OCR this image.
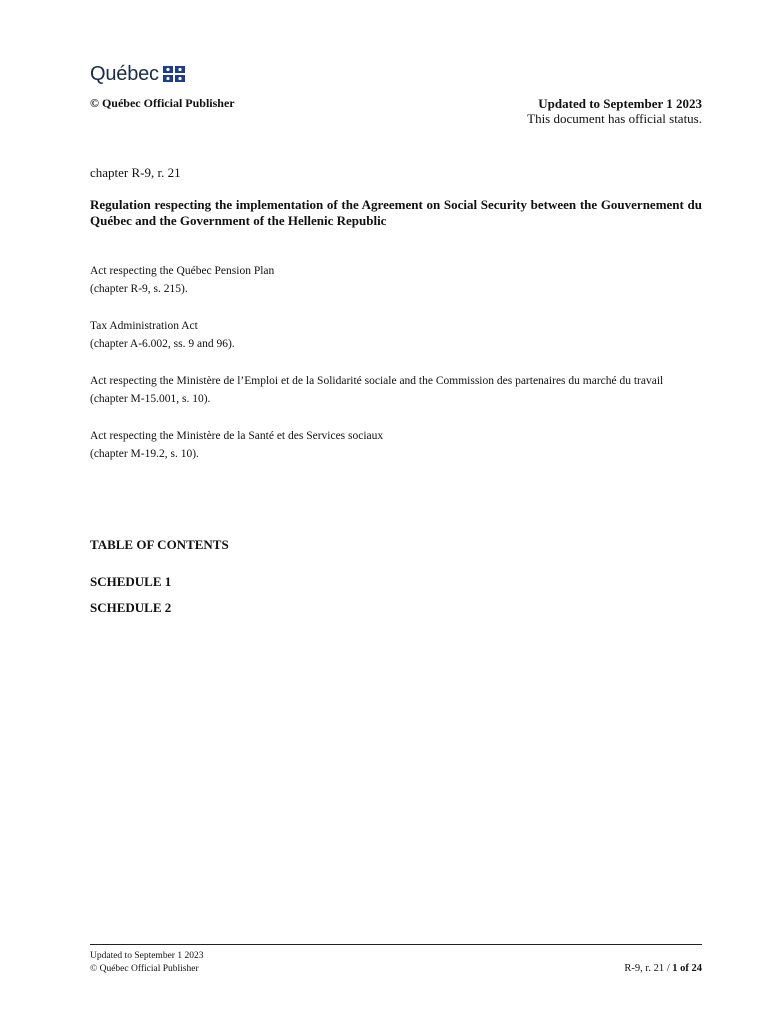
Québec
© Québec Official Publisher	Updated to September 1 2023
This document has official status.
chapter R-9, r. 21
Regulation respecting the implementation of the Agreement on Social Security between the Gouvernement du Québec and the Government of the Hellenic Republic
Act respecting the Québec Pension Plan
(chapter R-9, s. 215).
Tax Administration Act
(chapter A-6.002, ss. 9 and 96).
Act respecting the Ministère de l’Emploi et de la Solidarité sociale and the Commission des partenaires du marché du travail
(chapter M-15.001, s. 10).
Act respecting the Ministère de la Santé et des Services sociaux
(chapter M-19.2, s. 10).
TABLE OF CONTENTS
SCHEDULE 1
SCHEDULE 2
Updated to September 1 2023
© Québec Official Publisher	R-9, r. 21 / 1 of 24
